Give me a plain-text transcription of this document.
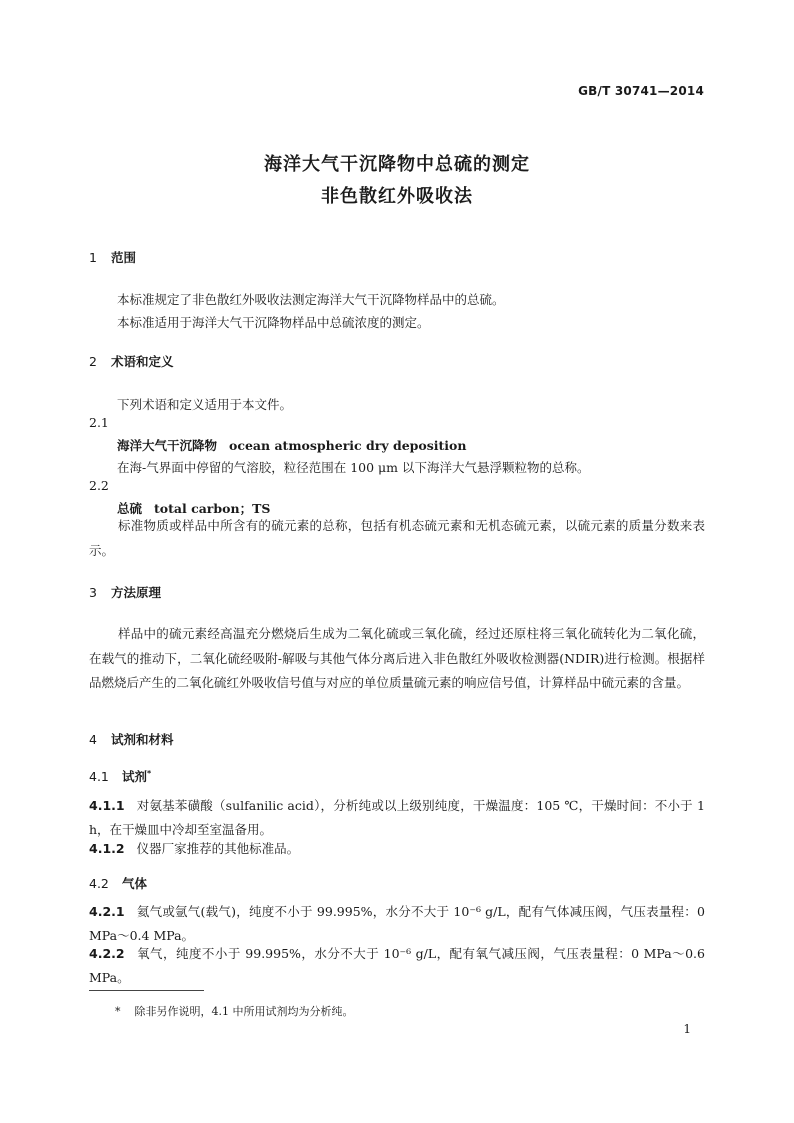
GB/T 30741—2014
海洋大气干沉降物中总硫的测定
非色散红外吸收法
1 范围
本标准规定了非色散红外吸收法测定海洋大气干沉降物样品中的总硫。
本标准适用于海洋大气干沉降物样品中总硫浓度的测定。
2 术语和定义
下列术语和定义适用于本文件。
2.1
海洋大气干沉降物 ocean atmospheric dry deposition
在海-气界面中停留的气溶胶，粒径范围在 100 μm 以下海洋大气悬浮颗粒物的总称。
2.2
总硫 total carbon；TS
标准物质或样品中所含有的硫元素的总称，包括有机态硫元素和无机态硫元素，以硫元素的质量分数来表示。
3 方法原理
样品中的硫元素经高温充分燃烧后生成为二氧化硫或三氧化硫，经过还原柱将三氧化硫转化为二氧化硫，在载气的推动下，二氧化硫经吸附-解吸与其他气体分离后进入非色散红外吸收检测器(NDIR)进行检测。根据样品燃烧后产生的二氧化硫红外吸收信号值与对应的单位质量硫元素的响应信号值，计算样品中硫元素的含量。
4 试剂和材料
4.1 试剂*
4.1.1 对氨基苯磺酸（sulfanilic acid），分析纯或以上级别纯度，干燥温度：105 ℃，干燥时间：不小于 1 h，在干燥皿中冷却至室温备用。
4.1.2 仪器厂家推荐的其他标准品。
4.2 气体
4.2.1 氦气或氩气(载气)，纯度不小于 99.995%，水分不大于 10⁻⁶ g/L，配有气体减压阀，气压表量程：0 MPa～0.4 MPa。
4.2.2 氧气，纯度不小于 99.995%，水分不大于 10⁻⁶ g/L，配有氧气减压阀，气压表量程：0 MPa～0.6 MPa。
* 除非另作说明，4.1 中所用试剂均为分析纯。
1
